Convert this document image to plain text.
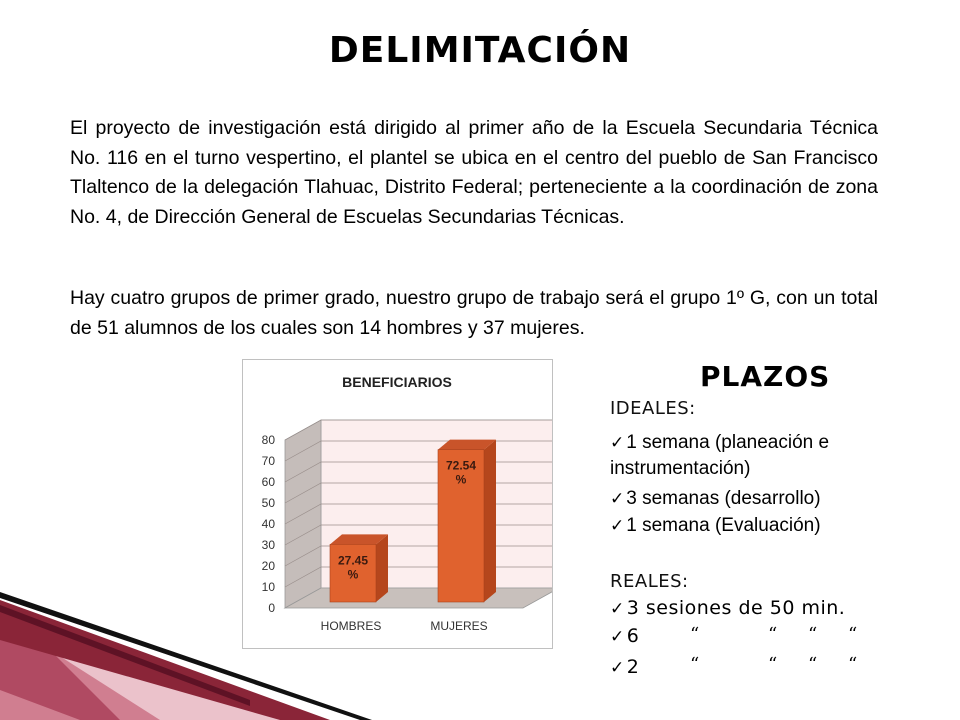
DELIMITACIÓN

El proyecto de investigación está dirigido al primer año de la Escuela Secundaria Técnica No. 116 en el turno vespertino, el plantel se ubica en el centro del pueblo de San Francisco Tlaltenco de la delegación Tlahuac, Distrito Federal; perteneciente a la coordinación de zona No. 4, de Dirección General de Escuelas Secundarias Técnicas.

Hay cuatro grupos de primer grado, nuestro grupo de trabajo será el grupo 1º G, con un total de 51 alumnos de los cuales son 14 hombres y 37 mujeres.

BENEFICIARIOS
0
10
20
30
40
50
60
70
80
27.45 %
HOMBRES
72.54 %
MUJERES
PLAZOS
IDEALES:
✓ 1 semana (planeación e instrumentación)
✓ 3 semanas (desarrollo)
✓ 1 semana (Evaluación)
REALES:
✓ 3 sesiones de 50 min.
✓ 6
✓ 2
“	“ “ “
“	“ “ “
